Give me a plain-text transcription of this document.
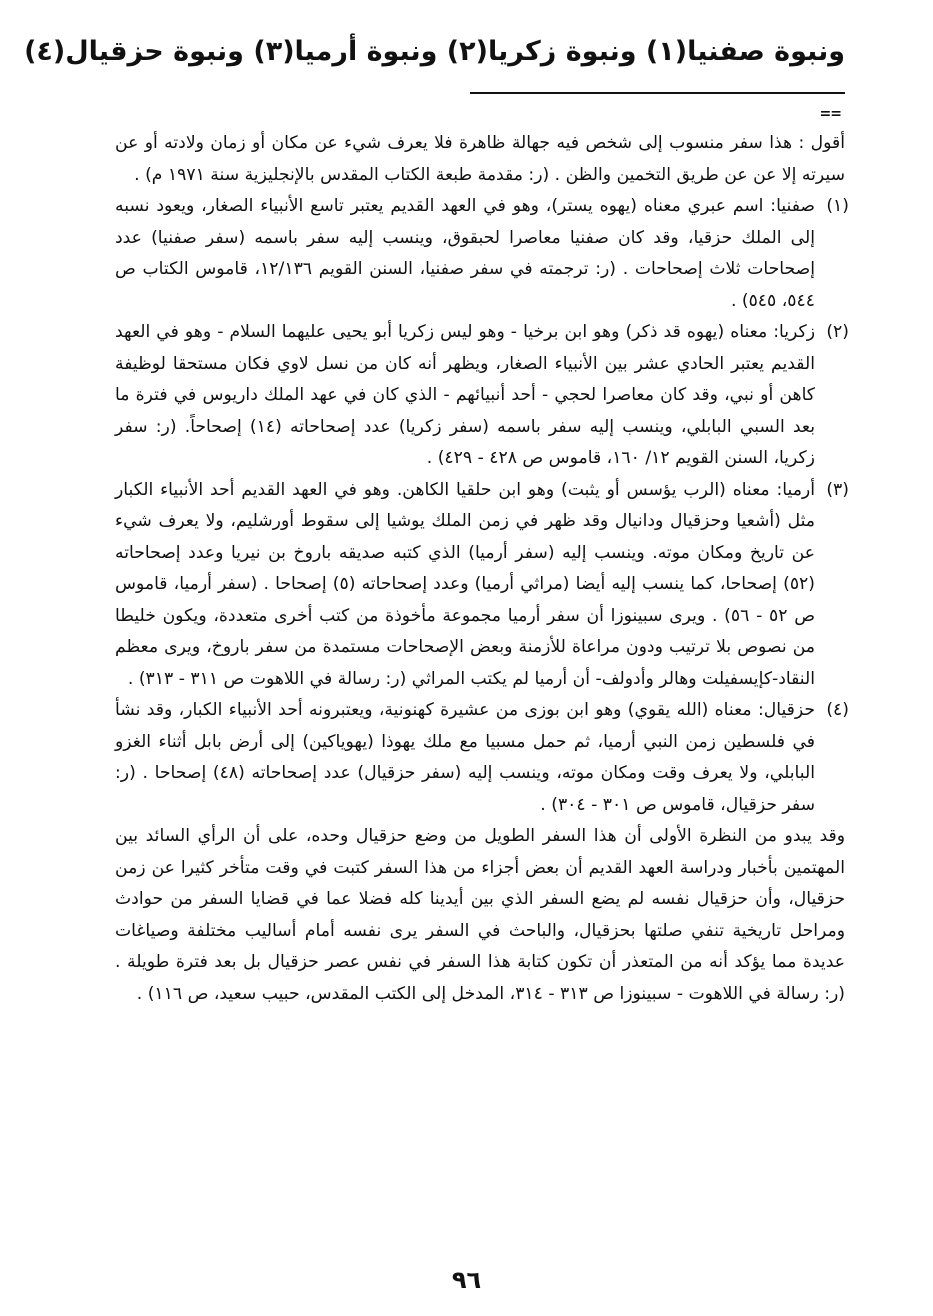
ونبوة صفنيا(١) ونبوة زكريا(٢) ونبوة أرميا(٣) ونبوة حزقيال(٤)
==

أقول : هذا سفر منسوب إلى شخص فيه جهالة ظاهرة فلا يعرف شيء عن مكان أو زمان ولادته أو عن سيرته إلا عن عن طريق التخمين والظن . (ر: مقدمة طبعة الكتاب المقدس بالإنجليزية سنة ١٩٧١ م) .

(١)
صفنيا: اسم عبري معناه (يهوه يستر)، وهو في العهد القديم يعتبر تاسع الأنبياء الصغار، ويعود نسبه إلى الملك حزقيا، وقد كان صفنيا معاصرا لحبقوق، وينسب إليه سفر باسمه (سفر صفنيا) عدد إصحاحات ثلاث إصحاحات . (ر: ترجمته في سفر صفنيا، السنن القويم ١٢/١٣٦، قاموس الكتاب ص ٥٤٤، ٥٤٥) .
(٢)
زكريا: معناه (يهوه قد ذكر) وهو ابن برخيا - وهو ليس زكريا أبو يحيى عليهما السلام - وهو في العهد القديم يعتبر الحادي عشر بين الأنبياء الصغار، ويظهر أنه كان من نسل لاوي فكان مستحقا لوظيفة كاهن أو نبي، وقد كان معاصرا لحجي - أحد أنبيائهم - الذي كان في عهد الملك داريوس في فترة ما بعد السبي البابلي، وينسب إليه سفر باسمه (سفر زكريا) عدد إصحاحاته (١٤) إصحاحاً. (ر: سفر زكريا، السنن القويم ١٢/ ١٦٠، قاموس ص ٤٢٨ - ٤٢٩) .
(٣)
أرميا: معناه (الرب يؤسس أو يثبت) وهو ابن حلقيا الكاهن. وهو في العهد القديم أحد الأنبياء الكبار مثل (أشعيا وحزقيال ودانيال وقد ظهر في زمن الملك يوشيا إلى سقوط أورشليم، ولا يعرف شيء عن تاريخ ومكان موته. وينسب إليه (سفر أرميا) الذي كتبه صديقه باروخ بن نيريا وعدد إصحاحاته (٥٢) إصحاحا، كما ينسب إليه أيضا (مراثي أرميا) وعدد إصحاحاته (٥) إصحاحا . (سفر أرميا، قاموس ص ٥٢ - ٥٦) . ويرى سبينوزا أن سفر أرميا مجموعة مأخوذة من كتب أخرى متعددة، ويكون خليطا من نصوص بلا ترتيب ودون مراعاة للأزمنة وبعض الإصحاحات مستمدة من سفر باروخ، ويرى معظم النقاد-كإيسفيلت وهالر وأدولف- أن أرميا لم يكتب المراثي (ر: رسالة في اللاهوت ص ٣١١ - ٣١٣) .
(٤)
حزقيال: معناه (الله يقوي) وهو ابن بوزى من عشيرة كهنونية، ويعتبرونه أحد الأنبياء الكبار، وقد نشأ في فلسطين زمن النبي أرميا، ثم حمل مسبيا مع ملك يهوذا (يهوياكين) إلى أرض بابل أثناء الغزو البابلي، ولا يعرف وقت ومكان موته، وينسب إليه (سفر حزقيال) عدد إصحاحاته (٤٨) إصحاحا . (ر: سفر حزقيال، قاموس ص ٣٠١ - ٣٠٤) .

وقد يبدو من النظرة الأولى أن هذا السفر الطويل من وضع حزقيال وحده، على أن الرأي السائد بين المهتمين بأخبار ودراسة العهد القديم أن بعض أجزاء من هذا السفر كتبت في وقت متأخر كثيرا عن زمن حزقيال، وأن حزقيال نفسه لم يضع السفر الذي بين أيدينا كله فضلا عما في قضايا السفر من حوادث ومراحل تاريخية تنفي صلتها بحزقيال، والباحث في السفر يرى نفسه أمام أساليب مختلفة وصياغات عديدة مما يؤكد أنه من المتعذر أن تكون كتابة هذا السفر في نفس عصر حزقيال بل بعد فترة طويلة . (ر: رسالة في اللاهوت - سبينوزا ص ٣١٣ - ٣١٤، المدخل إلى الكتب المقدس، حبيب سعيد، ص ١١٦) .

٩٦
